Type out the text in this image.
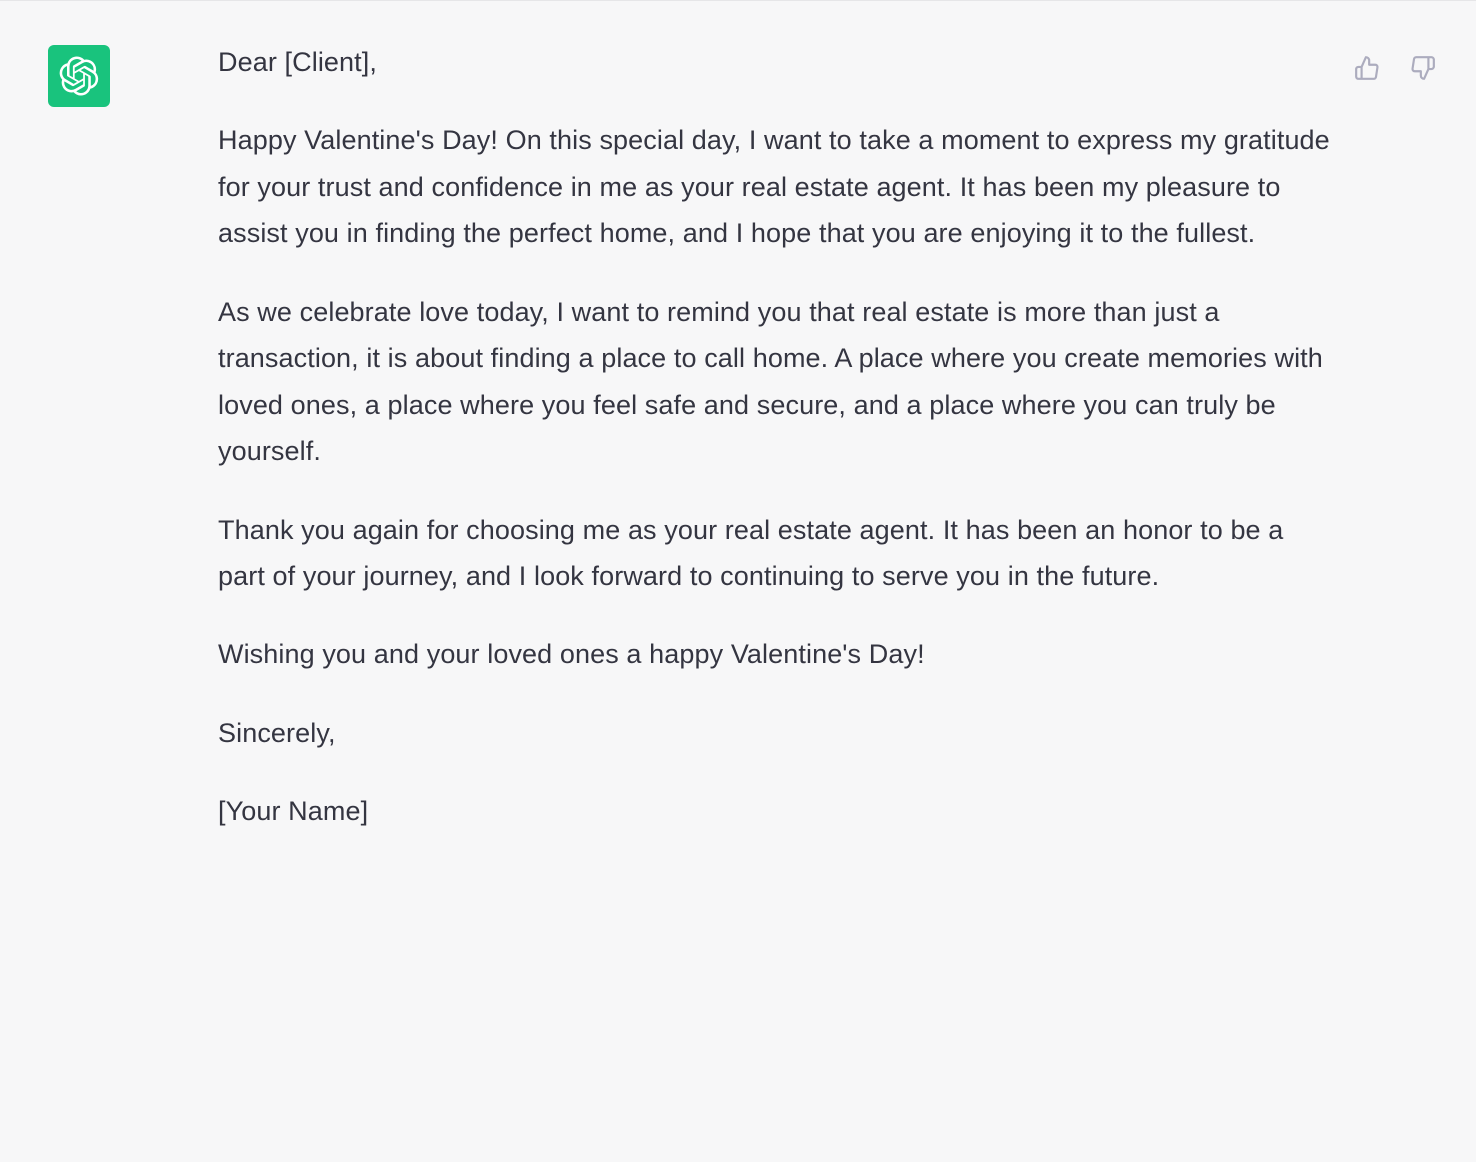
Dear [Client],

Happy Valentine's Day! On this special day, I want to take a moment to express my gratitude for your trust and confidence in me as your real estate agent. It has been my pleasure to assist you in finding the perfect home, and I hope that you are enjoying it to the fullest.

As we celebrate love today, I want to remind you that real estate is more than just a transaction, it is about finding a place to call home. A place where you create memories with loved ones, a place where you feel safe and secure, and a place where you can truly be yourself.

Thank you again for choosing me as your real estate agent. It has been an honor to be a part of your journey, and I look forward to continuing to serve you in the future.

Wishing you and your loved ones a happy Valentine's Day!

Sincerely,

[Your Name]
